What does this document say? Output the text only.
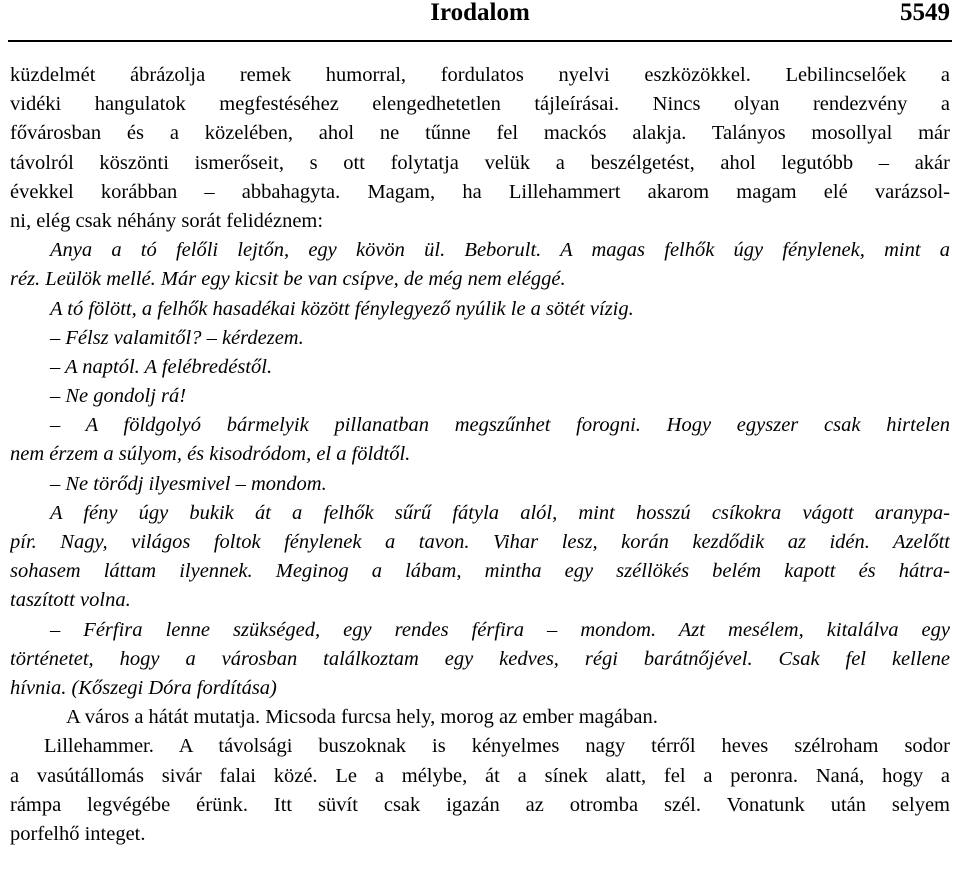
Irodalom	5549
küzdelmét ábrázolja remek humorral, fordulatos nyelvi eszközökkel. Lebilincselőek a
vidéki hangulatok megfestéséhez elengedhetetlen tájleírásai. Nincs olyan rendezvény a
fővárosban és a közelében, ahol ne tűnne fel mackós alakja. Talányos mosollyal már
távolról köszönti ismerőseit, s ott folytatja velük a beszélgetést, ahol legutóbb – akár
évekkel korábban – abbahagyta. Magam, ha Lillehammert akarom magam elé varázsol-
ni, elég csak néhány sorát felidéznem:
Anya a tó felőli lejtőn, egy kövön ül. Beborult. A magas felhők úgy fénylenek, mint a
réz. Leülök mellé. Már egy kicsit be van csípve, de még nem eléggé.
A tó fölött, a felhők hasadékai között fénylegyező nyúlik le a sötét vízig.
– Félsz valamitől? – kérdezem.
– A naptól. A felébredéstől.
– Ne gondolj rá!
– A földgolyó bármelyik pillanatban megszűnhet forogni. Hogy egyszer csak hirtelen
nem érzem a súlyom, és kisodródom, el a földtől.
– Ne törődj ilyesmivel – mondom.
A fény úgy bukik át a felhők sűrű fátyla alól, mint hosszú csíkokra vágott aranypa-
pír. Nagy, világos foltok fénylenek a tavon. Vihar lesz, korán kezdődik az idén. Azelőtt
sohasem láttam ilyennek. Meginog a lábam, mintha egy széllökés belém kapott és hátra-
taszított volna.
– Férfira lenne szükséged, egy rendes férfira – mondom. Azt mesélem, kitalálva egy
történetet, hogy a városban találkoztam egy kedves, régi barátnőjével. Csak fel kellene
hívnia. (Kőszegi Dóra fordítása)
A város a hátát mutatja. Micsoda furcsa hely, morog az ember magában.
Lillehammer. A távolsági buszoknak is kényelmes nagy térről heves szélroham sodor
a vasútállomás sivár falai közé. Le a mélybe, át a sínek alatt, fel a peronra. Naná, hogy a
rámpa legvégébe érünk. Itt süvít csak igazán az otromba szél. Vonatunk után selyem
porfelhő integet.
